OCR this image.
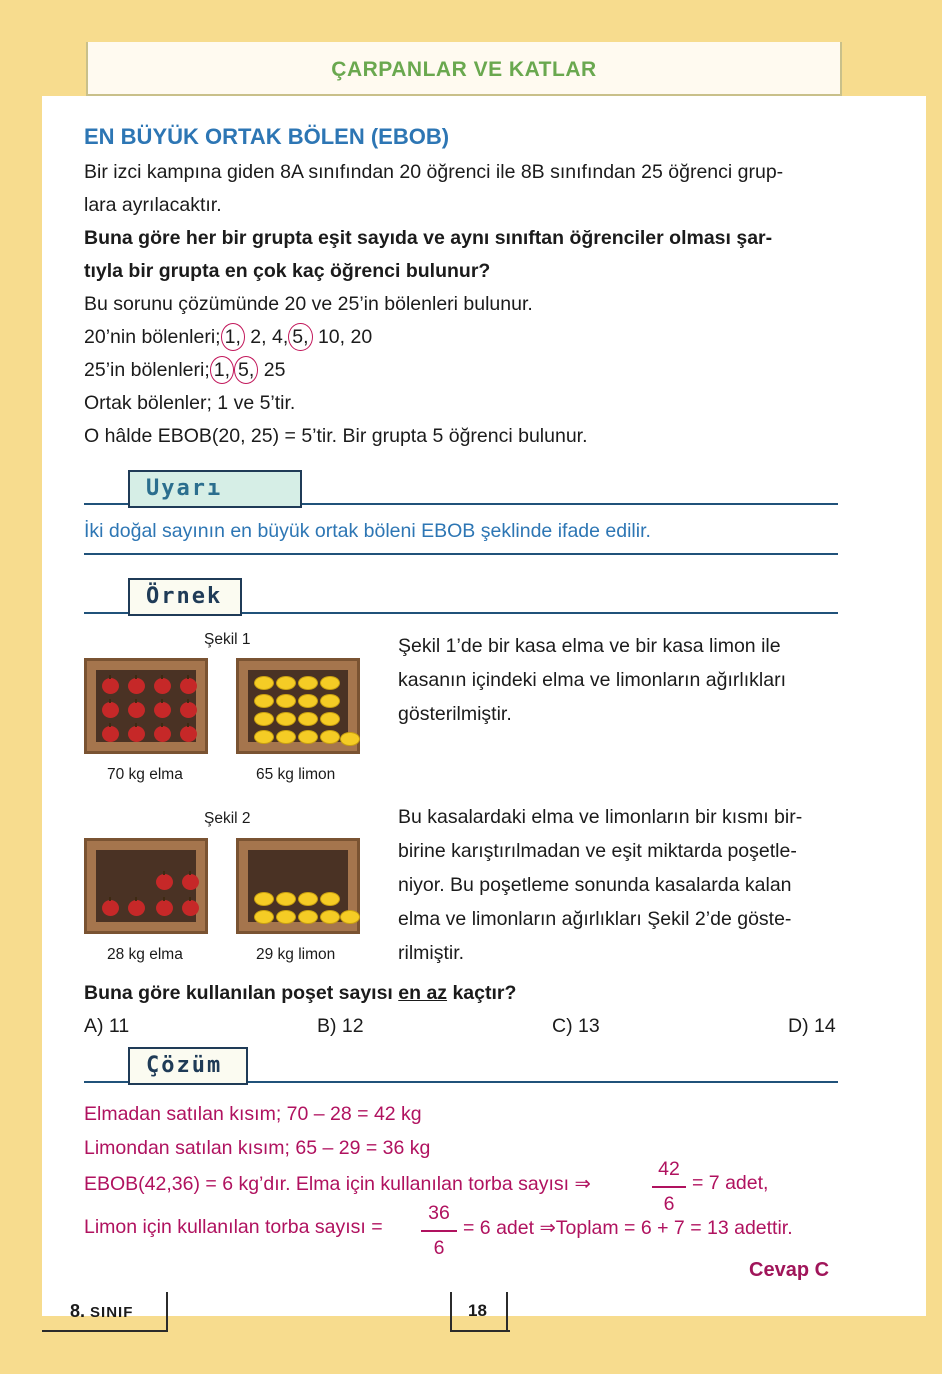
ÇARPANLAR VE KATLAR
EN BÜYÜK ORTAK BÖLEN (EBOB)
Bir izci kampına giden 8A sınıfından 20 öğrenci ile 8B sınıfından 25 öğrenci grup-
lara ayrılacaktır.
Buna göre her bir grupta eşit sayıda ve aynı sınıftan öğrenciler olması şar-
tıyla bir grupta en çok kaç öğrenci bulunur?
Bu sorunu çözümünde 20 ve 25’in bölenleri bulunur.
20’nin bölenleri; 1, 2, 4, 5, 10, 20
25’in bölenleri; 1, 5, 25
Ortak bölenler; 1 ve 5’tir.
O hâlde EBOB(20, 25) = 5’tir. Bir grupta 5 öğrenci bulunur.
Uyarı
İki doğal sayının en büyük ortak böleni EBOB şeklinde ifade edilir.
Örnek
Şekil 1
70 kg elma	65 kg limon
Şekil 2
28 kg elma	29 kg limon
Şekil 1’de bir kasa elma ve bir kasa limon ile
kasanın içindeki elma ve limonların ağırlıkları
gösterilmiştir.
Bu kasalardaki elma ve limonların bir kısmı bir-
birine karıştırılmadan ve eşit miktarda poşetle-
niyor. Bu poşetleme sonunda kasalarda kalan
elma ve limonların ağırlıkları Şekil 2’de göste-
rilmiştir.
Buna göre kullanılan poşet sayısı en az kaçtır?
A) 11	B) 12	C) 13	D) 14
Çözüm
Elmadan satılan kısım; 70 – 28 = 42 kg
Limondan satılan kısım; 65 – 29 = 36 kg
EBOB(42,36) = 6 kg’dır. Elma için kullanılan torba sayısı ⇒
42
6
= 7 adet,
Limon için kullanılan torba sayısı =
36
6
= 6 adet ⇒Toplam = 6 + 7 = 13 adettir.
Cevap C
8. SINIF	18
